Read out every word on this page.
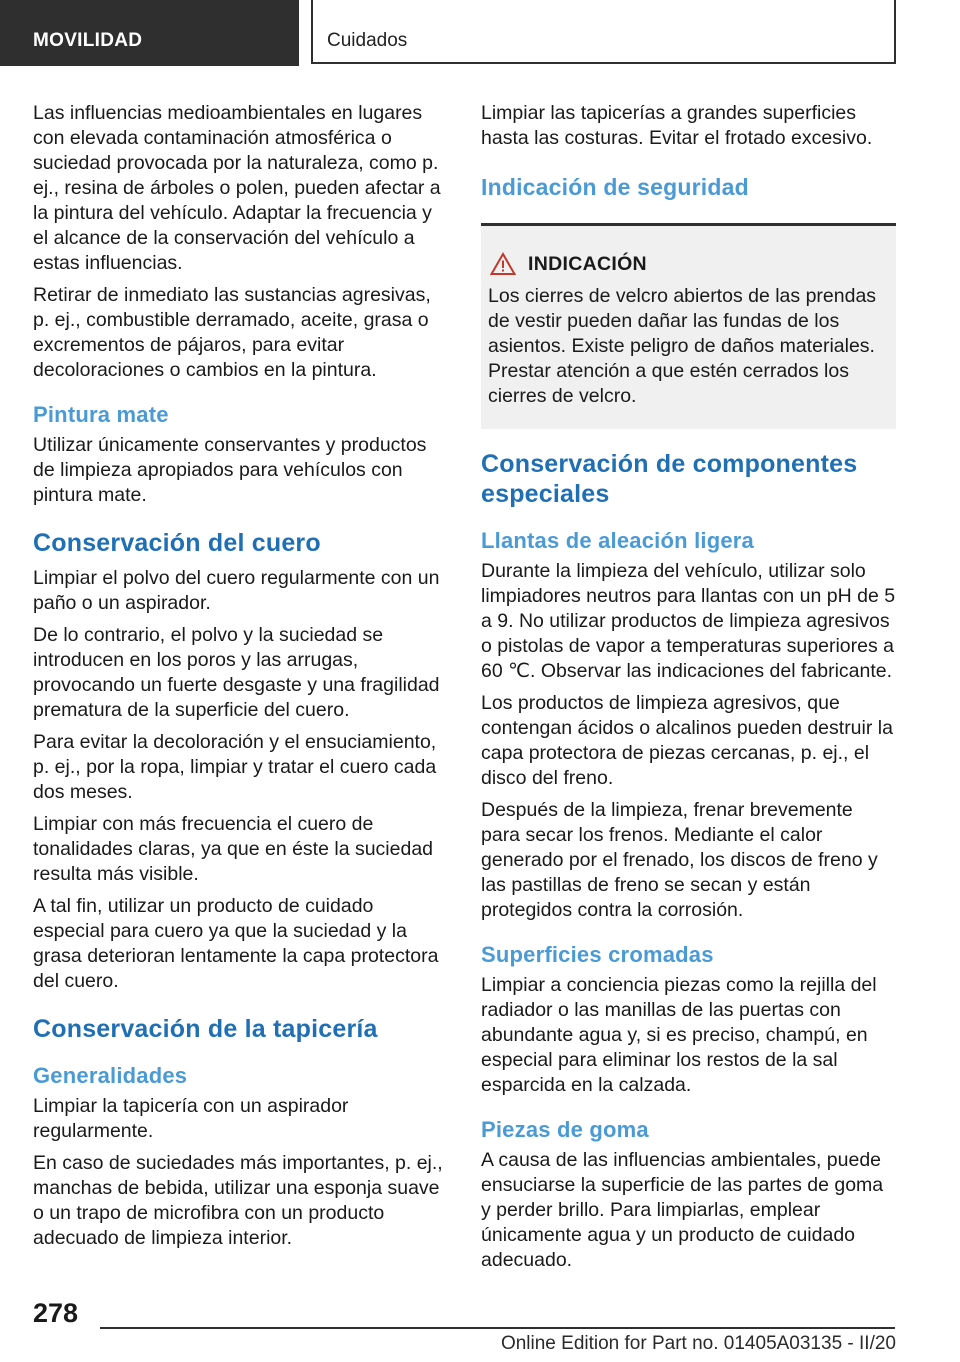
MOVILIDAD	Cuidados

Las influencias medioambientales en lugares con elevada contaminación atmosférica o suciedad provocada por la naturaleza, como p. ej., resina de árboles o polen, pueden afectar a la pintura del vehículo. Adaptar la frecuencia y el alcance de la conservación del vehículo a estas influencias.

Retirar de inmediato las sustancias agresivas, p. ej., combustible derramado, aceite, grasa o excrementos de pájaros, para evitar decoloraciones o cambios en la pintura.

Pintura mate

Utilizar únicamente conservantes y productos de limpieza apropiados para vehículos con pintura mate.

Conservación del cuero

Limpiar el polvo del cuero regularmente con un paño o un aspirador.

De lo contrario, el polvo y la suciedad se introducen en los poros y las arrugas, provocando un fuerte desgaste y una fragilidad prematura de la superficie del cuero.

Para evitar la decoloración y el ensuciamiento, p. ej., por la ropa, limpiar y tratar el cuero cada dos meses.

Limpiar con más frecuencia el cuero de tonalidades claras, ya que en éste la suciedad resulta más visible.

A tal fin, utilizar un producto de cuidado especial para cuero ya que la suciedad y la grasa deterioran lentamente la capa protectora del cuero.

Conservación de la tapicería
Generalidades

Limpiar la tapicería con un aspirador regularmente.

En caso de suciedades más importantes, p. ej., manchas de bebida, utilizar una esponja suave o un trapo de microfibra con un producto adecuado de limpieza interior.

Limpiar las tapicerías a grandes superficies hasta las costuras. Evitar el frotado excesivo.

Indicación de seguridad
INDICACIÓN

Los cierres de velcro abiertos de las prendas de vestir pueden dañar las fundas de los asientos. Existe peligro de daños materiales. Prestar atención a que estén cerrados los cierres de velcro.

Conservación de componentes especiales
Llantas de aleación ligera

Durante la limpieza del vehículo, utilizar solo limpiadores neutros para llantas con un pH de 5 a 9. No utilizar productos de limpieza agresivos o pistolas de vapor a temperaturas superiores a 60 ℃. Observar las indicaciones del fabricante.

Los productos de limpieza agresivos, que contengan ácidos o alcalinos pueden destruir la capa protectora de piezas cercanas, p. ej., el disco del freno.

Después de la limpieza, frenar brevemente para secar los frenos. Mediante el calor generado por el frenado, los discos de freno y las pastillas de freno se secan y están protegidos contra la corrosión.

Superficies cromadas

Limpiar a conciencia piezas como la rejilla del radiador o las manillas de las puertas con abundante agua y, si es preciso, champú, en especial para eliminar los restos de la sal esparcida en la calzada.

Piezas de goma

A causa de las influencias ambientales, puede ensuciarse la superficie de las partes de goma y perder brillo. Para limpiarlas, emplear únicamente agua y un producto de cuidado adecuado.

278
Online Edition for Part no. 01405A03135 - II/20
